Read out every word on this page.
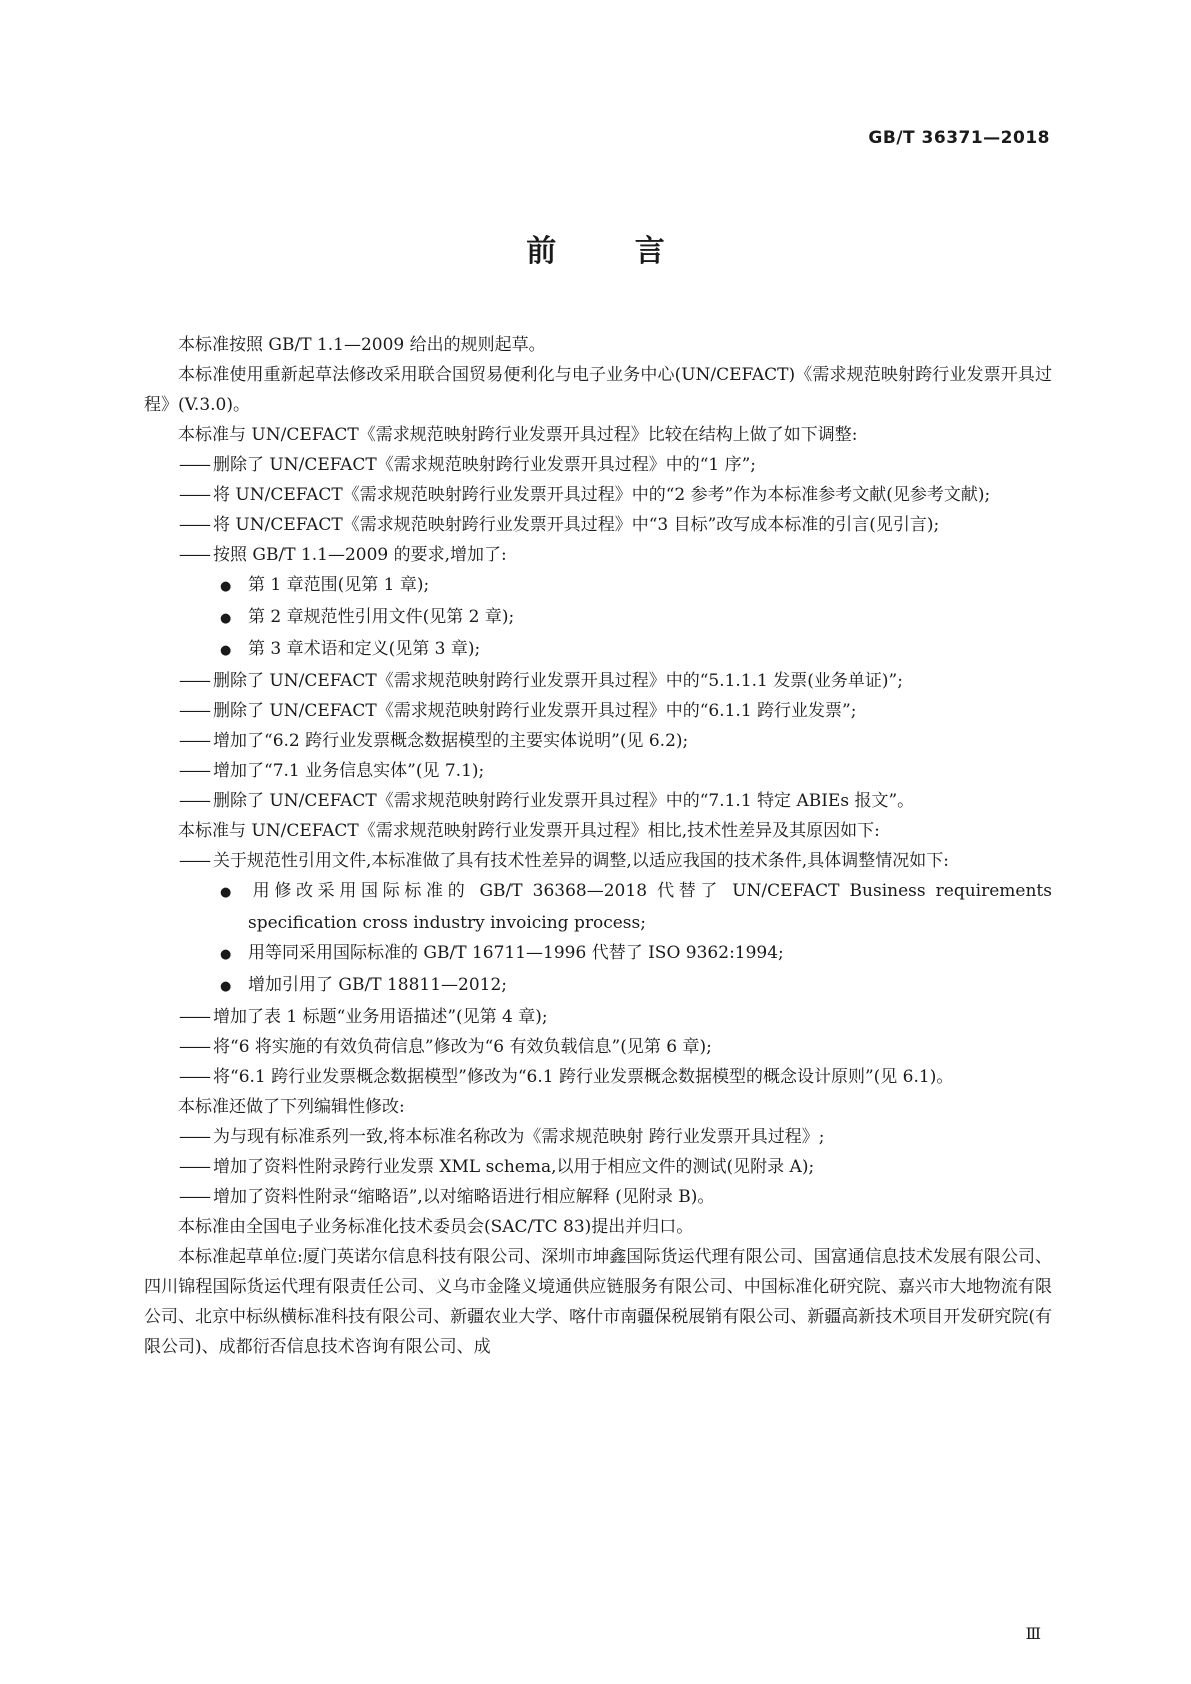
GB/T 36371—2018
前 言

本标准按照 GB/T 1.1—2009 给出的规则起草。

本标准使用重新起草法修改采用联合国贸易便利化与电子业务中心(UN/CEFACT)《需求规范映射跨行业发票开具过程》(V.3.0)。

本标准与 UN/CEFACT《需求规范映射跨行业发票开具过程》比较在结构上做了如下调整:

—— 删除了 UN/CEFACT《需求规范映射跨行业发票开具过程》中的“1 序”;

—— 将 UN/CEFACT《需求规范映射跨行业发票开具过程》中的“2 参考”作为本标准参考文献(见参考文献);

—— 将 UN/CEFACT《需求规范映射跨行业发票开具过程》中“3 目标”改写成本标准的引言(见引言);

—— 按照 GB/T 1.1—2009 的要求,增加了:

● 第 1 章范围(见第 1 章);

● 第 2 章规范性引用文件(见第 2 章);

● 第 3 章术语和定义(见第 3 章);

—— 删除了 UN/CEFACT《需求规范映射跨行业发票开具过程》中的“5.1.1.1 发票(业务单证)”;

—— 删除了 UN/CEFACT《需求规范映射跨行业发票开具过程》中的“6.1.1 跨行业发票”;

—— 增加了“6.2 跨行业发票概念数据模型的主要实体说明”(见 6.2);

—— 增加了“7.1 业务信息实体”(见 7.1);

—— 删除了 UN/CEFACT《需求规范映射跨行业发票开具过程》中的“7.1.1 特定 ABIEs 报文”。

本标准与 UN/CEFACT《需求规范映射跨行业发票开具过程》相比,技术性差异及其原因如下:

—— 关于规范性引用文件,本标准做了具有技术性差异的调整,以适应我国的技术条件,具体调整情况如下:

● 用修改采用国际标准的 GB/T 36368—2018 代替了 UN/CEFACT Business requirements specification cross industry invoicing process;

● 用等同采用国际标准的 GB/T 16711—1996 代替了 ISO 9362:1994;

● 增加引用了 GB/T 18811—2012;

—— 增加了表 1 标题“业务用语描述”(见第 4 章);

—— 将“6 将实施的有效负荷信息”修改为“6 有效负载信息”(见第 6 章);

—— 将“6.1 跨行业发票概念数据模型”修改为“6.1 跨行业发票概念数据模型的概念设计原则”(见 6.1)。

本标准还做了下列编辑性修改:

—— 为与现有标准系列一致,将本标准名称改为《需求规范映射 跨行业发票开具过程》;

—— 增加了资料性附录跨行业发票 XML schema,以用于相应文件的测试(见附录 A);

—— 增加了资料性附录“缩略语”,以对缩略语进行相应解释 (见附录 B)。

本标准由全国电子业务标准化技术委员会(SAC/TC 83)提出并归口。

本标准起草单位:厦门英诺尔信息科技有限公司、深圳市坤鑫国际货运代理有限公司、国富通信息技术发展有限公司、四川锦程国际货运代理有限责任公司、义乌市金隆义境通供应链服务有限公司、中国标准化研究院、嘉兴市大地物流有限公司、北京中标纵横标准科技有限公司、新疆农业大学、喀什市南疆保税展销有限公司、新疆高新技术项目开发研究院(有限公司)、成都衍否信息技术咨询有限公司、成

Ⅲ
